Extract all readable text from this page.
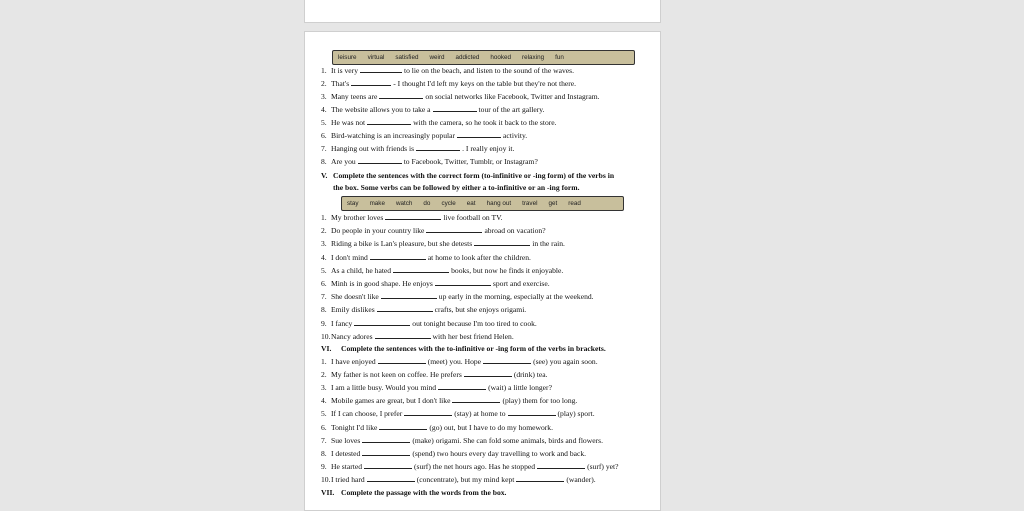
leisure virtual satisfied weird addicted hooked relaxing fun
1. It is very	to lie on the beach, and listen to the sound of the waves.
2. That's	- I thought I'd left my keys on the table but they're not there.
3. Many teens are	on social networks like Facebook, Twitter and Instagram.
4. The website allows you to take a	tour of the art gallery.
5. He was not	with the camera, so he took it back to the store.
6. Bird-watching is an increasingly popular	activity.
7. Hanging out with friends is	. I really enjoy it.
8. Are you	to Facebook, Twitter, Tumblr, or Instagram?
V. Complete the sentences with the correct form (to-infinitive or -ing form) of the verbs in
the box. Some verbs can be followed by either a to-infinitive or an -ing form.
stay make watch do cycle eat hang out travel get read
1. My brother loves	live football on TV.
2. Do people in your country like	abroad on vacation?
3. Riding a bike is Lan's pleasure, but she detests	in the rain.
4. I don't mind	at home to look after the children.
5. As a child, he hated	books, but now he finds it enjoyable.
6. Minh is in good shape. He enjoys	sport and exercise.
7. She doesn't like	up early in the morning, especially at the weekend.
8. Emily dislikes	crafts, but she enjoys origami.
9. I fancy	out tonight because I'm too tired to cook.
10.Nancy adores	with her best friend Helen.
VI. Complete the sentences with the to-infinitive or -ing form of the verbs in brackets.
1. I have enjoyed	(meet) you. Hope	(see) you again soon.
2. My father is not keen on coffee. He prefers	(drink) tea.
3. I am a little busy. Would you mind	(wait) a little longer?
4. Mobile games are great, but I don't like	(play) them for too long.
5. If I can choose, I prefer	(stay) at home to	(play) sport.
6. Tonight I'd like	(go) out, but I have to do my homework.
7. Sue loves	(make) origami. She can fold some animals, birds and flowers.
8. I detested	(spend) two hours every day travelling to work and back.
9. He started	(surf) the net hours ago. Has he stopped	(surf) yet?
10.I tried hard	(concentrate), but my mind kept	(wander).
VII. Complete the passage with the words from the box.
